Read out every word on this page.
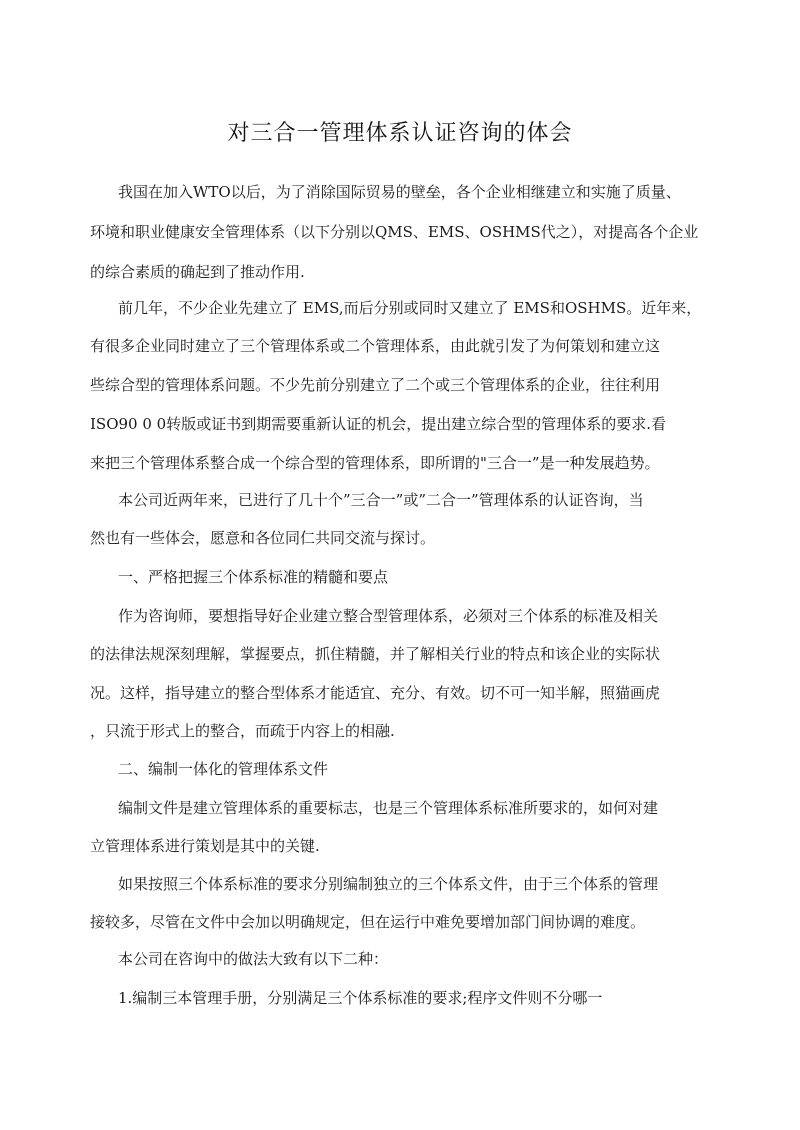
对三合一管理体系认证咨询的体会
我国在加入WTO以后，为了消除国际贸易的壁垒，各个企业相继建立和实施了质量、
环境和职业健康安全管理体系（以下分别以QMS、EMS、OSHMS代之），对提高各个企业
的综合素质的确起到了推动作用.
前几年，不少企业先建立了 EMS,而后分别或同时又建立了 EMS和OSHMS。近年来，
有很多企业同时建立了三个管理体系或二个管理体系，由此就引发了为何策划和建立这
些综合型的管理体系问题。不少先前分别建立了二个或三个管理体系的企业，往往利用
ISO90 0 0转版或证书到期需要重新认证的机会，提出建立综合型的管理体系的要求.看
来把三个管理体系整合成一个综合型的管理体系，即所谓的"三合一”是一种发展趋势。
本公司近两年来，已进行了几十个”三合一”或”二合一”管理体系的认证咨询，当
然也有一些体会，愿意和各位同仁共同交流与探讨。
一、严格把握三个体系标准的精髓和要点
作为咨询师，要想指导好企业建立整合型管理体系，必须对三个体系的标准及相关
的法律法规深刻理解，掌握要点，抓住精髓，并了解相关行业的特点和该企业的实际状
况。这样，指导建立的整合型体系才能适宜、充分、有效。切不可一知半解，照猫画虎
，只流于形式上的整合，而疏于内容上的相融.
二、编制一体化的管理体系文件
编制文件是建立管理体系的重要标志，也是三个管理体系标准所要求的，如何对建
立管理体系进行策划是其中的关键.
如果按照三个体系标准的要求分别编制独立的三个体系文件，由于三个体系的管理
接较多，尽管在文件中会加以明确规定，但在运行中难免要增加部门间协调的难度。
本公司在咨询中的做法大致有以下二种：
1.编制三本管理手册，分别满足三个体系标准的要求;程序文件则不分哪一
